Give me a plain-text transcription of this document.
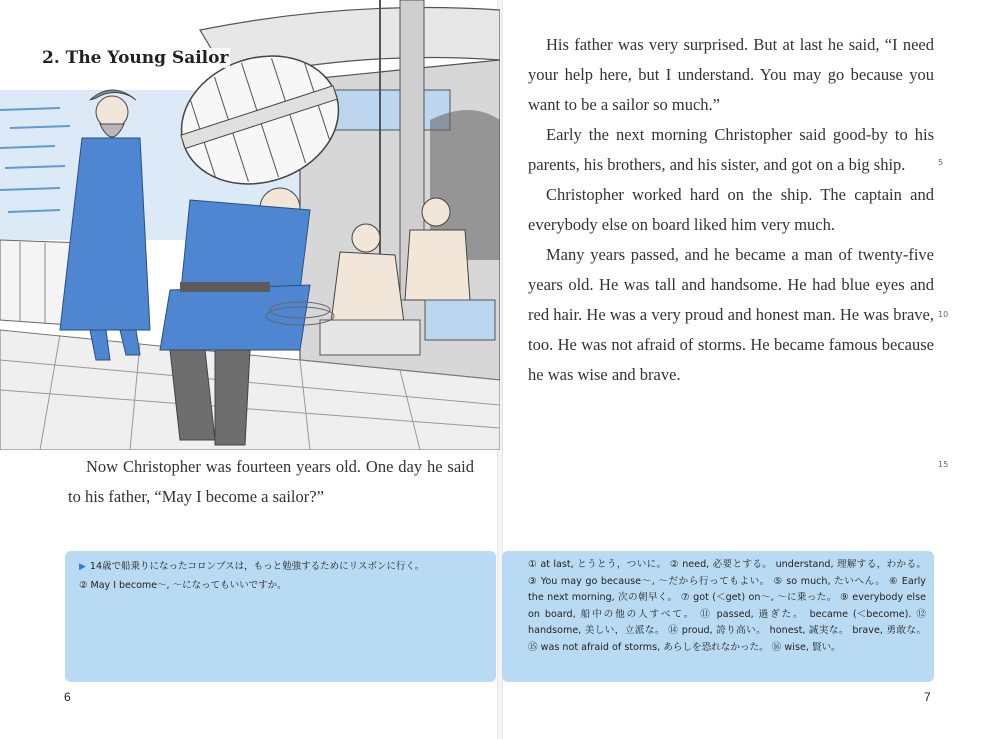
2. The Young Sailor

Now Christopher was fourteen years old. One day he said to his father, “May I become a sailor?”

His father was very surprised. But at last he said, “I need your help here, but I understand. You may go because you want to be a sailor so much.”

Early the next morning Christopher said good-by to his parents, his brothers, and his sister, and got on a big ship.

Christopher worked hard on the ship. The captain and everybody else on board liked him very much.

Many years passed, and he became a man of twenty-five years old. He was tall and handsome. He had blue eyes and red hair. He was a very proud and honest man. He was brave, too. He was not afraid of storms. He became famous because he was wise and brave.

5
10
15
▶ 14歳で船乗りになったコロンブスは，もっと勉強するためにリスボンに行く。
② May I become～, ～になってもいいですか。
① at last, とうとう，ついに。 ② need, 必要とする。 understand, 理解する，わかる。 ③ You may go because～, ～だから行ってもよい。 ⑤ so much, たいへん。 ⑥ Early the next morning, 次の朝早く。 ⑦ got (＜get) on～, ～に乗った。 ⑨ everybody else on board, 船中の他の人すべて。 ⑪ passed, 過ぎた。 became (＜become). ⑫ handsome, 美しい，立派な。 ⑭ proud, 誇り高い。 honest, 誠実な。 brave, 勇敢な。 ⑮ was not afraid of storms, あらしを恐れなかった。 ⑯ wise, 賢い。
6	7
